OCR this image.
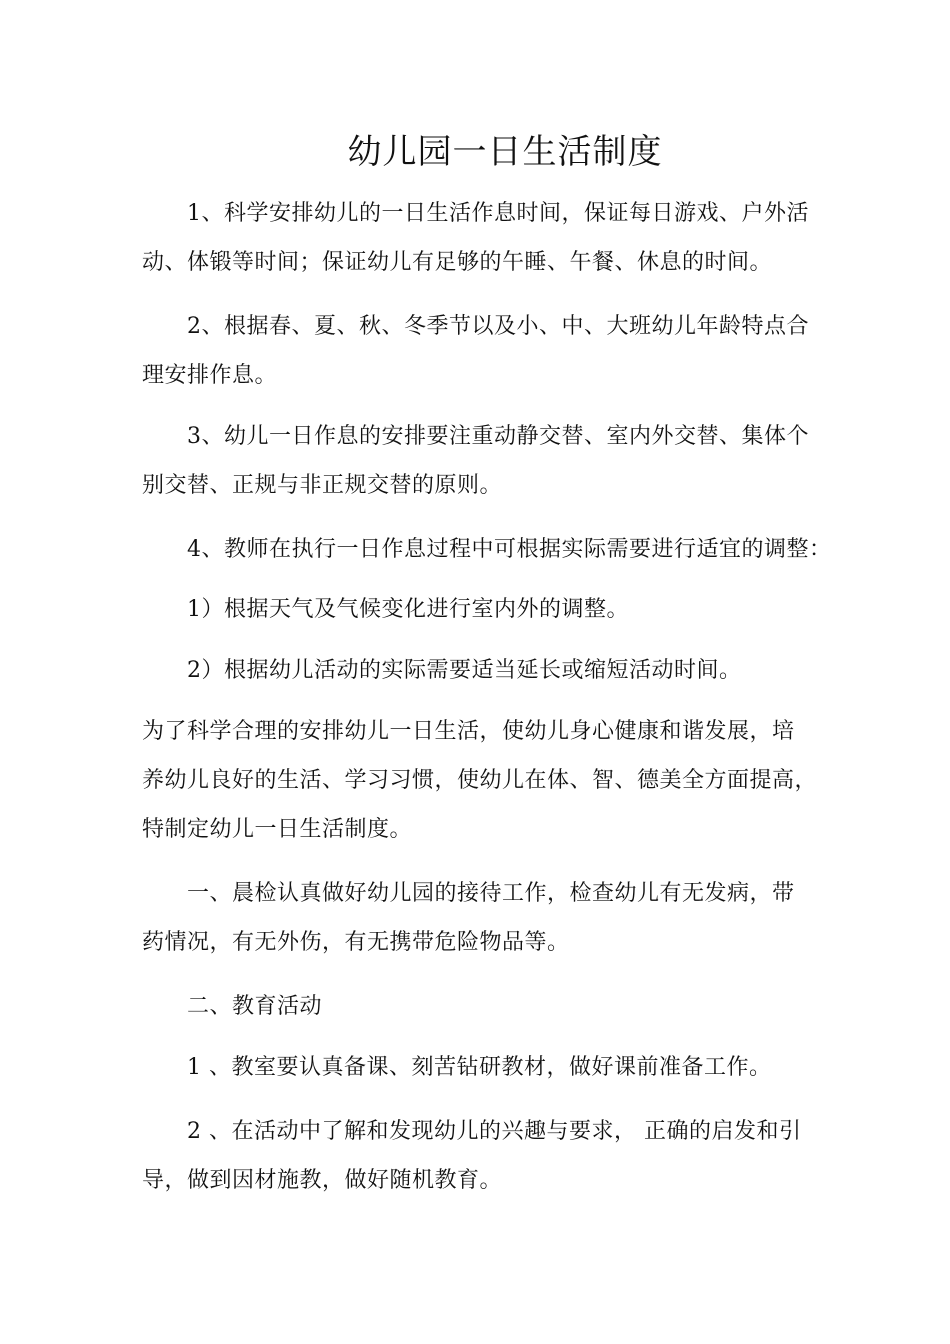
幼儿园一日生活制度
1、科学安排幼儿的一日生活作息时间，保证每日游戏、户外活
动、体锻等时间；保证幼儿有足够的午睡、午餐、休息的时间。
2、根据春、夏、秋、冬季节以及小、中、大班幼儿年龄特点合
理安排作息。
3、幼儿一日作息的安排要注重动静交替、室内外交替、集体个
别交替、正规与非正规交替的原则。
4、教师在执行一日作息过程中可根据实际需要进行适宜的调整：
1）根据天气及气候变化进行室内外的调整。
2）根据幼儿活动的实际需要适当延长或缩短活动时间。
为了科学合理的安排幼儿一日生活，使幼儿身心健康和谐发展，培
养幼儿良好的生活、学习习惯，使幼儿在体、智、德美全方面提高，
特制定幼儿一日生活制度。
一、晨检认真做好幼儿园的接待工作，检查幼儿有无发病，带
药情况，有无外伤，有无携带危险物品等。
二、教育活动
1 、教室要认真备课、刻苦钻研教材，做好课前准备工作。
2 、在活动中了解和发现幼儿的兴趣与要求， 正确的启发和引
导，做到因材施教，做好随机教育。
